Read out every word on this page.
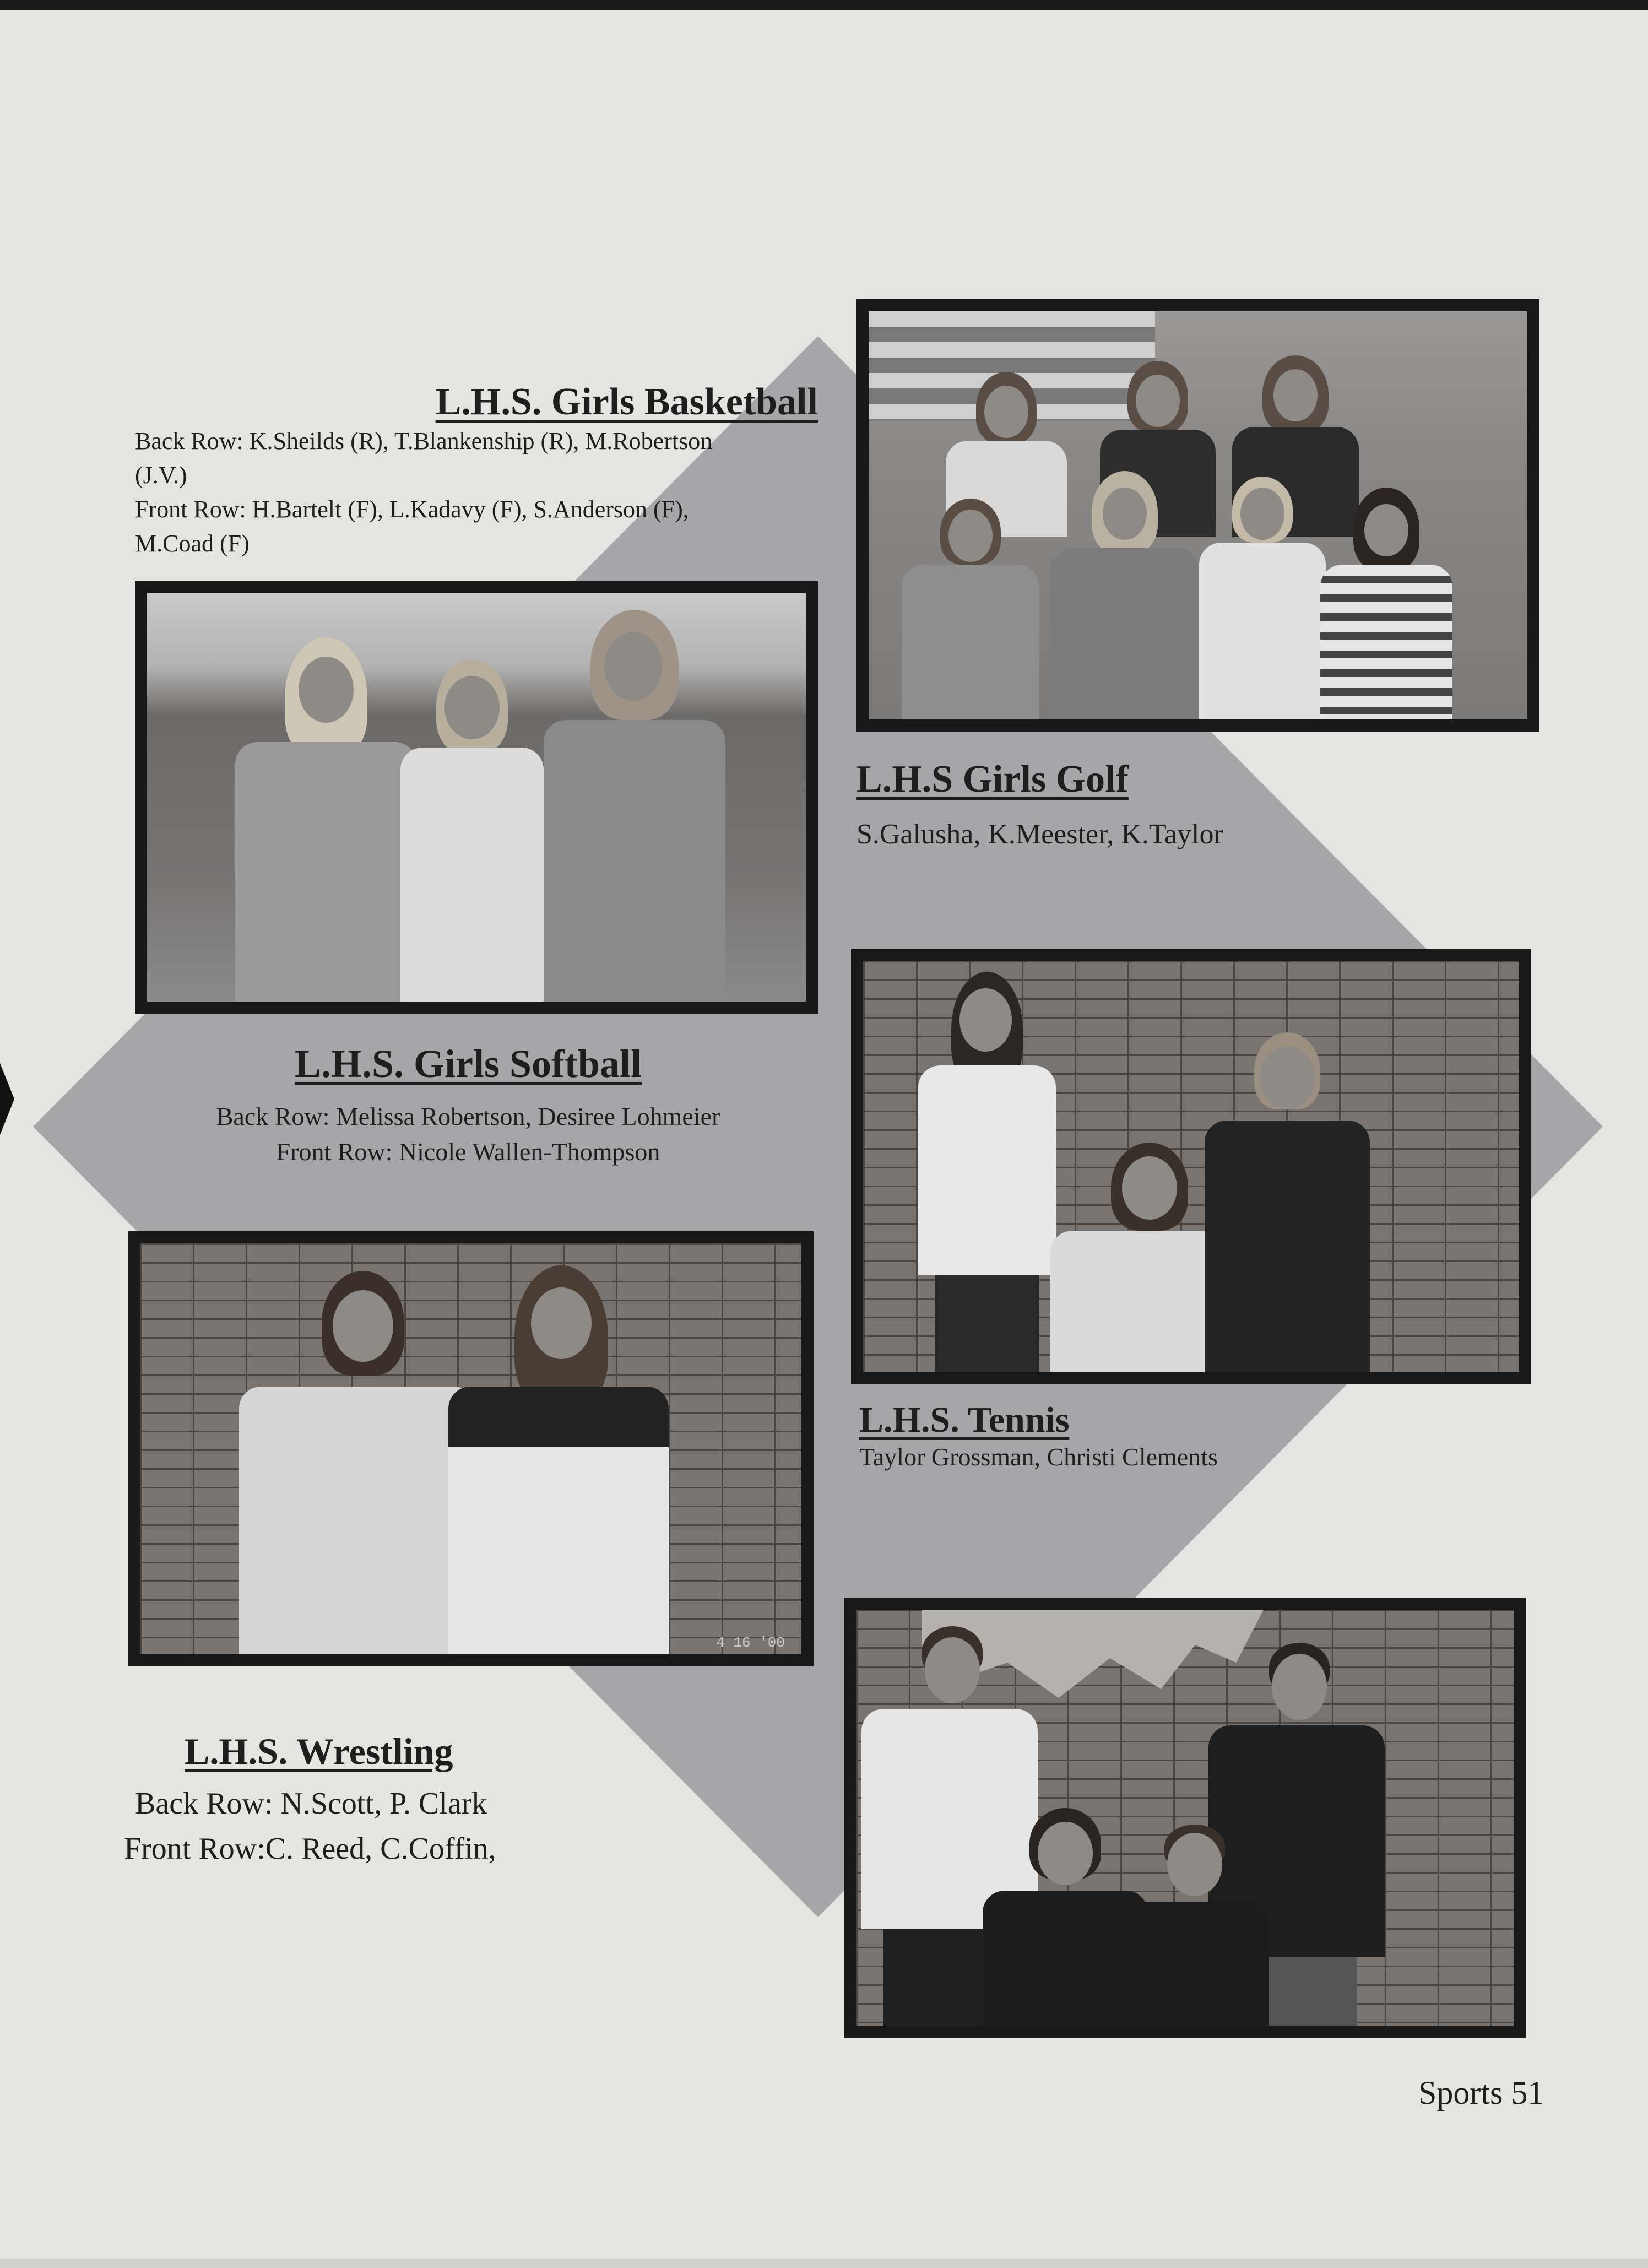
L.H.S. Girls Basketball

Back Row: K.Sheilds (R), T.Blankenship (R), M.Robertson

(J.V.)

Front Row: H.Bartelt (F), L.Kadavy (F), S.Anderson (F),

M.Coad (F)

L.H.S Girls Golf

S.Galusha, K.Meester, K.Taylor

L.H.S. Girls Softball

Back Row: Melissa Robertson, Desiree Lohmeier

Front Row: Nicole Wallen-Thompson

4 16 '00

L.H.S. Tennis

Taylor Grossman, Christi Clements

L.H.S. Wrestling

Back Row: N.Scott, P. Clark

Front Row:C. Reed, C.Coffin,

Sports 51
